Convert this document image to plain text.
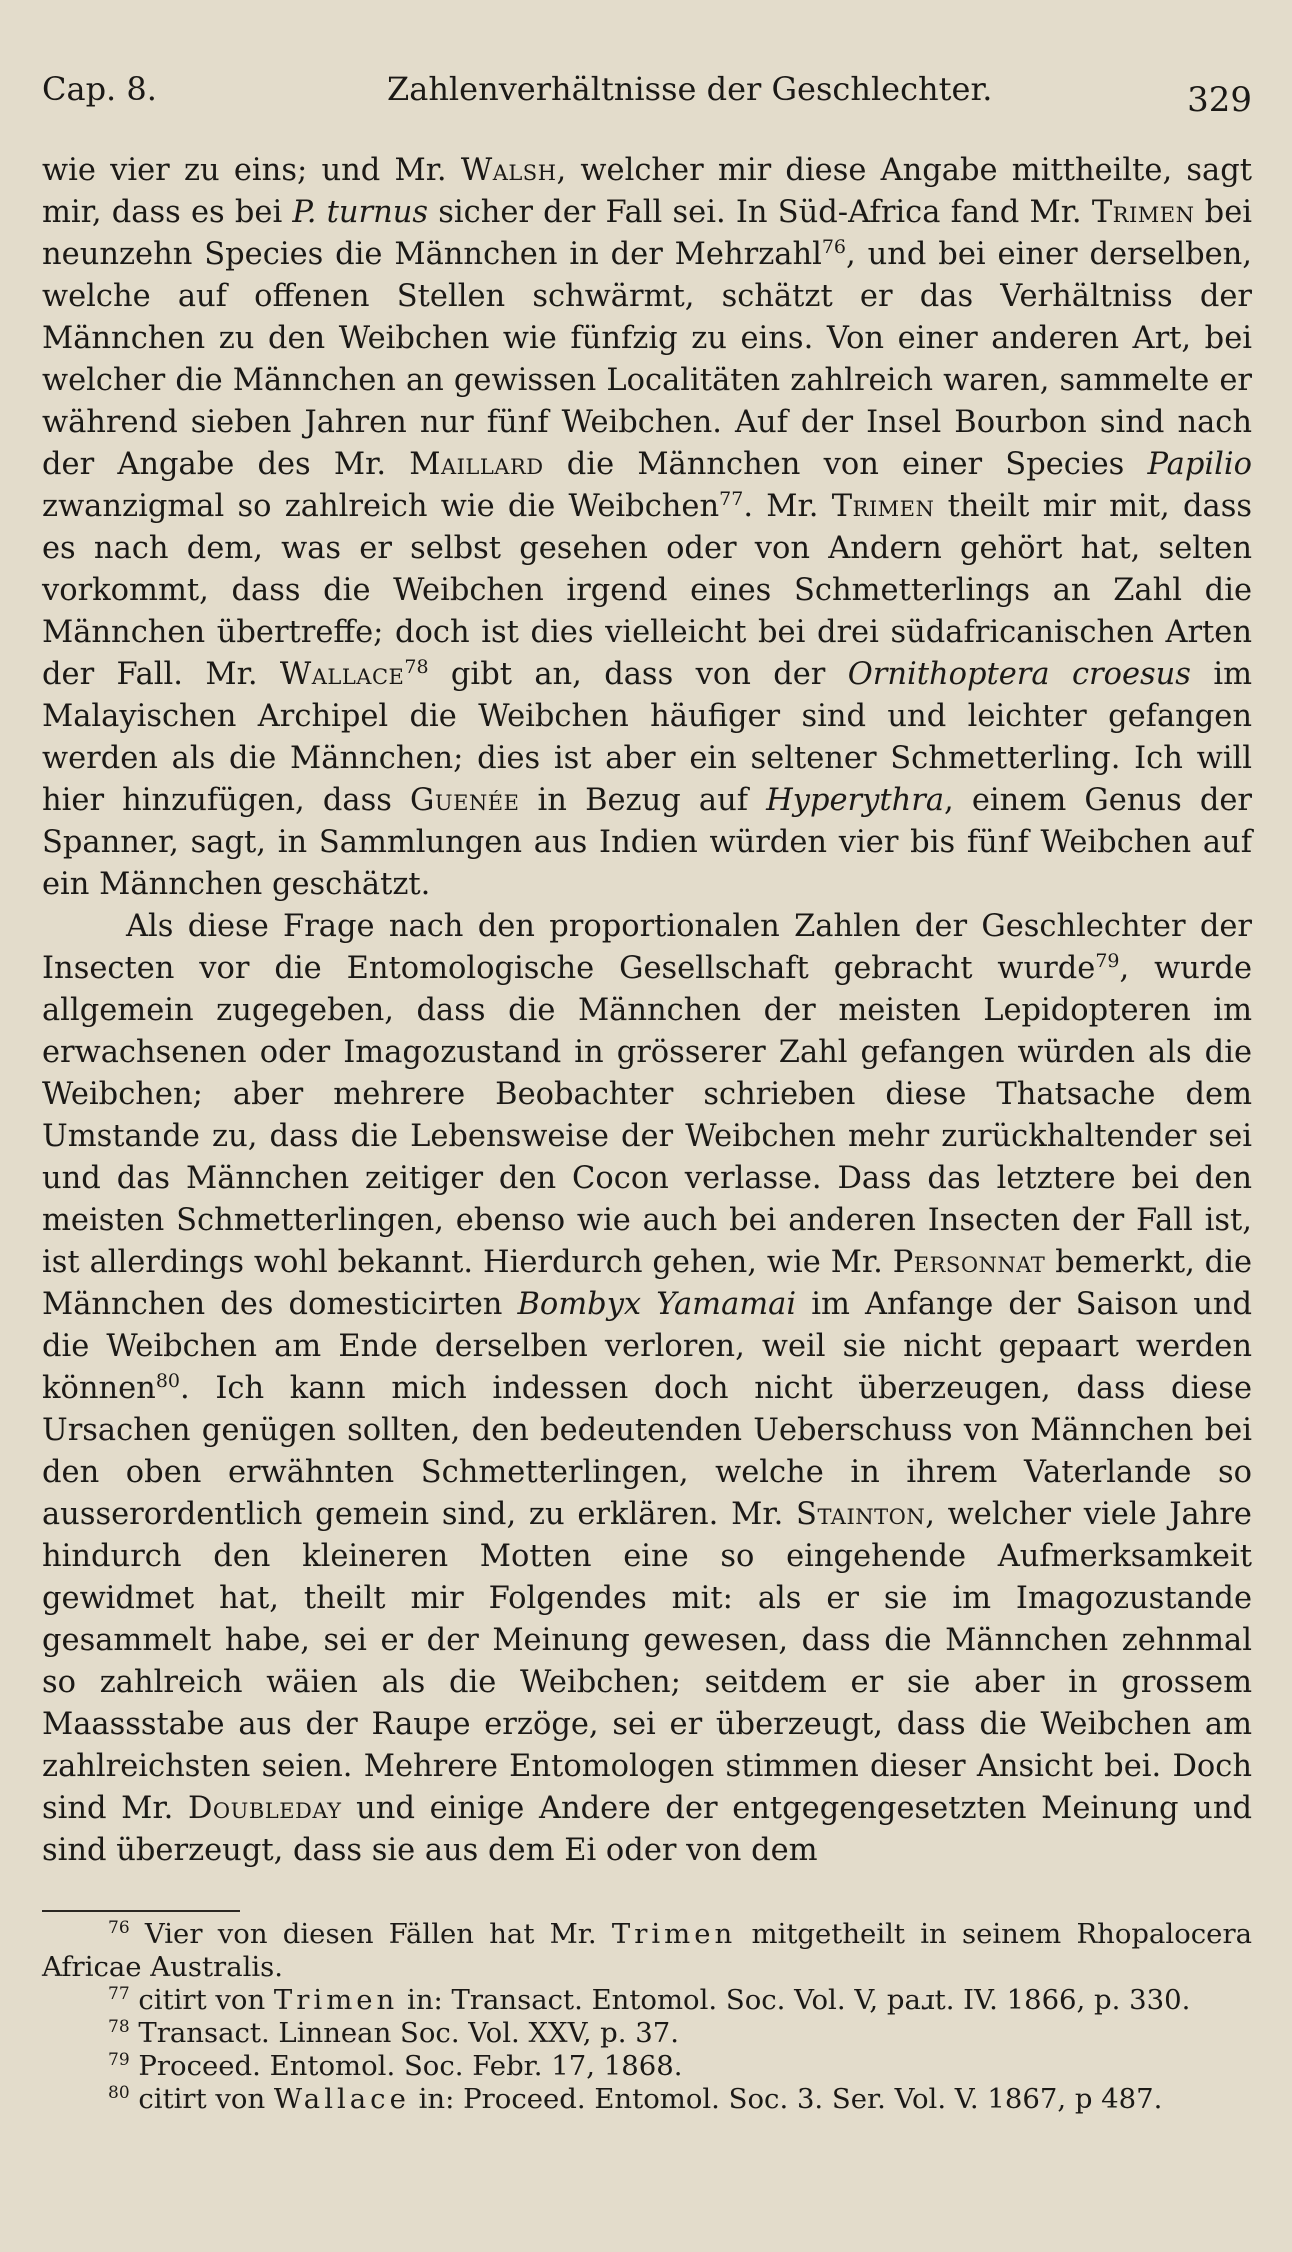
Cap. 8.	Zahlenverhältnisse der Geschlechter.	329

wie vier zu eins; und Mr. Walsh, welcher mir diese Angabe mittheilte, sagt mir, dass es bei P. turnus sicher der Fall sei. In Süd-Africa fand Mr. Trimen bei neunzehn Species die Männchen in der Mehrzahl$^{76}$, und bei einer derselben, welche auf offenen Stellen schwärmt, schätzt er das Verhältniss der Männchen zu den Weibchen wie fünfzig zu eins. Von einer anderen Art, bei welcher die Männchen an gewissen Localitäten zahlreich waren, sammelte er während sieben Jahren nur fünf Weibchen. Auf der Insel Bourbon sind nach der Angabe des Mr. Maillard die Männchen von einer Species Papilio zwanzigmal so zahlreich wie die Weibchen$^{77}$. Mr. Trimen theilt mir mit, dass es nach dem, was er selbst gesehen oder von Andern gehört hat, selten vorkommt, dass die Weibchen irgend eines Schmetterlings an Zahl die Männchen übertreffe; doch ist dies vielleicht bei drei südafricanischen Arten der Fall. Mr. Wallace$^{78}$ gibt an, dass von der Ornithoptera croesus im Malayischen Archipel die Weibchen häufiger sind und leichter gefangen werden als die Männchen; dies ist aber ein seltener Schmetterling. Ich will hier hinzufügen, dass Guenée in Bezug auf Hyperythra, einem Genus der Spanner, sagt, in Sammlungen aus Indien würden vier bis fünf Weibchen auf ein Männchen geschätzt.

Als diese Frage nach den proportionalen Zahlen der Geschlechter der Insecten vor die Entomologische Gesellschaft gebracht wurde$^{79}$, wurde allgemein zugegeben, dass die Männchen der meisten Lepidopteren im erwachsenen oder Imagozustand in grösserer Zahl gefangen würden als die Weibchen; aber mehrere Beobachter schrieben diese Thatsache dem Umstande zu, dass die Lebensweise der Weibchen mehr zurückhaltender sei und das Männchen zeitiger den Cocon verlasse. Dass das letztere bei den meisten Schmetterlingen, ebenso wie auch bei anderen Insecten der Fall ist, ist allerdings wohl bekannt. Hierdurch gehen, wie Mr. Personnat bemerkt, die Männchen des domesticirten Bombyx Yamamai im Anfange der Saison und die Weibchen am Ende derselben verloren, weil sie nicht gepaart werden können$^{80}$. Ich kann mich indessen doch nicht überzeugen, dass diese Ursachen genügen sollten, den bedeutenden Ueberschuss von Männchen bei den oben erwähnten Schmetterlingen, welche in ihrem Vaterlande so ausserordentlich gemein sind, zu erklären. Mr. Stainton, welcher viele Jahre hindurch den kleineren Motten eine so eingehende Aufmerksamkeit gewidmet hat, theilt mir Folgendes mit: als er sie im Imagozustande gesammelt habe, sei er der Meinung gewesen, dass die Männchen zehnmal so zahlreich wäien als die Weibchen; seitdem er sie aber in grossem Maassstabe aus der Raupe erzöge, sei er überzeugt, dass die Weibchen am zahlreichsten seien. Mehrere Entomologen stimmen dieser Ansicht bei. Doch sind Mr. Doubleday und einige Andere der entgegengesetzten Meinung und sind überzeugt, dass sie aus dem Ei oder von dem

$^{76}$ Vier von diesen Fällen hat Mr. Trimen mitgetheilt in seinem Rhopalocera Africae Australis.

$^{77}$ citirt von Trimen in: Transact. Entomol. Soc. Vol. V, paɹt. IV. 1866, p. 330.

$^{78}$ Transact. Linnean Soc. Vol. XXV, p. 37.

$^{79}$ Proceed. Entomol. Soc. Febr. 17, 1868.

$^{80}$ citirt von Wallace in: Proceed. Entomol. Soc. 3. Ser. Vol. V. 1867, p 487.
